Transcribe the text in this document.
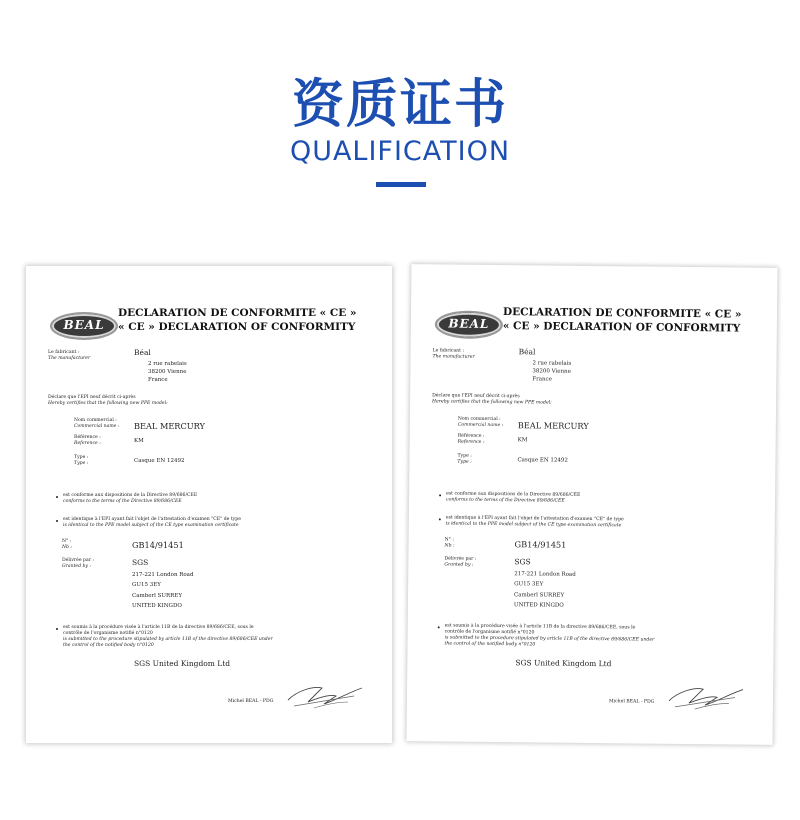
资质证书
QUALIFICATION
BEAL
DECLARATION DE CONFORMITE « CE »
« CE » DECLARATION OF CONFORMITY
Le fabricant :
The manufacturer
Béal
2 rue rabelais
38200 Vienne
France
Déclare que l'EPI neuf décrit ci-après
Hereby certifies that the following new PPE model:
Nom commercial :
Commercial name : BEAL MERCURY
Référence :
Reference :	KM
Type :
Type :	Casque EN 12492
est conforme aux dispositions de la Directive 89/686/CEE
conforms to the terms of the Directive 89/686/CEE
est identique à l'EPI ayant fait l'objet de l'attestation d'examen "CE" de type
is identical to the PPE model subject of the CE type examination certificate
N° :
Nb :	GB14/91451
Délivrée par :
Granted by :	SGS
217-221 London Road
GU15 3EY
Camberl SURREY
UNITED KINGDO
est soumis à la procédure visée à l'article 11B de la directive 89/686/CEE, sous le
contrôle de l'organisme notifié n°0120
is submitted to the procedure stipulated by article 11B of the directive 89/686/CEE under
the control of the notified body n°0120
SGS United Kingdom Ltd
Michel BEAL - PDG
BEAL
DECLARATION DE CONFORMITE « CE »
« CE » DECLARATION OF CONFORMITY
Le fabricant :
The manufacturer
Béal
2 rue rabelais
38200 Vienne
France
Déclare que l'EPI neuf décrit ci-après
Hereby certifies that the following new PPE model:
Nom commercial :
Commercial name : BEAL MERCURY
Référence :
Reference :	KM
Type :
Type :	Casque EN 12492
est conforme aux dispositions de la Directive 89/686/CEE
conforms to the terms of the Directive 89/686/CEE
est identique à l'EPI ayant fait l'objet de l'attestation d'examen "CE" de type
is identical to the PPE model subject of the CE type examination certificate
N° :
Nb :	GB14/91451
Délivrée par :
Granted by :	SGS
217-221 London Road
GU15 3EY
Camberl SURREY
UNITED KINGDO
est soumis à la procédure visée à l'article 11B de la directive 89/686/CEE, sous le
contrôle de l'organisme notifié n°0120
is submitted to the procedure stipulated by article 11B of the directive 89/686/CEE under
the control of the notified body n°0120
SGS United Kingdom Ltd
Michel BEAL - PDG
